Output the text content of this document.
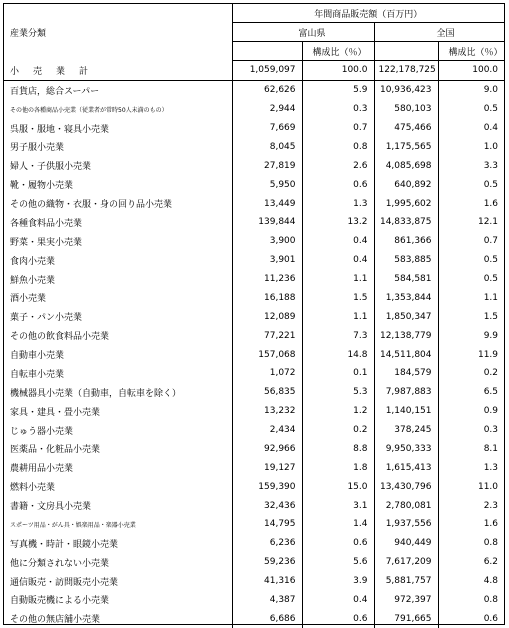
産業分類	年間商品販売額（百万円）			
	富山県		全国	
		構成比（％）		構成比（％）
小売業計	1,059,097	100.0	122,178,725	100.0
百貨店，総合スーパー	62,626	5.9	10,936,423	9.0
その他の各種商品小売業（従業者が常時50人未満のもの）	2,944	0.3	580,103	0.5
呉服・服地・寝具小売業	7,669	0.7	475,466	0.4
男子服小売業	8,045	0.8	1,175,565	1.0
婦人・子供服小売業	27,819	2.6	4,085,698	3.3
靴・履物小売業	5,950	0.6	640,892	0.5
その他の織物・衣服・身の回り品小売業	13,449	1.3	1,995,602	1.6
各種食料品小売業	139,844	13.2	14,833,875	12.1
野菜・果実小売業	3,900	0.4	861,366	0.7
食肉小売業	3,901	0.4	583,885	0.5
鮮魚小売業	11,236	1.1	584,581	0.5
酒小売業	16,188	1.5	1,353,844	1.1
菓子・パン小売業	12,089	1.1	1,850,347	1.5
その他の飲食料品小売業	77,221	7.3	12,138,779	9.9
自動車小売業	157,068	14.8	14,511,804	11.9
自転車小売業	1,072	0.1	184,579	0.2
機械器具小売業（自動車，自転車を除く）	56,835	5.3	7,987,883	6.5
家具・建具・畳小売業	13,232	1.2	1,140,151	0.9
じゅう器小売業	2,434	0.2	378,245	0.3
医薬品・化粧品小売業	92,966	8.8	9,950,333	8.1
農耕用品小売業	19,127	1.8	1,615,413	1.3
燃料小売業	159,390	15.0	13,430,796	11.0
書籍・文房具小売業	32,436	3.1	2,780,081	2.3
スポーツ用品・がん具・娯楽用品・楽器小売業	14,795	1.4	1,937,556	1.6
写真機・時計・眼鏡小売業	6,236	0.6	940,449	0.8
他に分類されない小売業	59,236	5.6	7,617,209	6.2
通信販売・訪問販売小売業	41,316	3.9	5,881,757	4.8
自動販売機による小売業	4,387	0.4	972,397	0.8
その他の無店舗小売業	6,686	0.6	791,665	0.6
